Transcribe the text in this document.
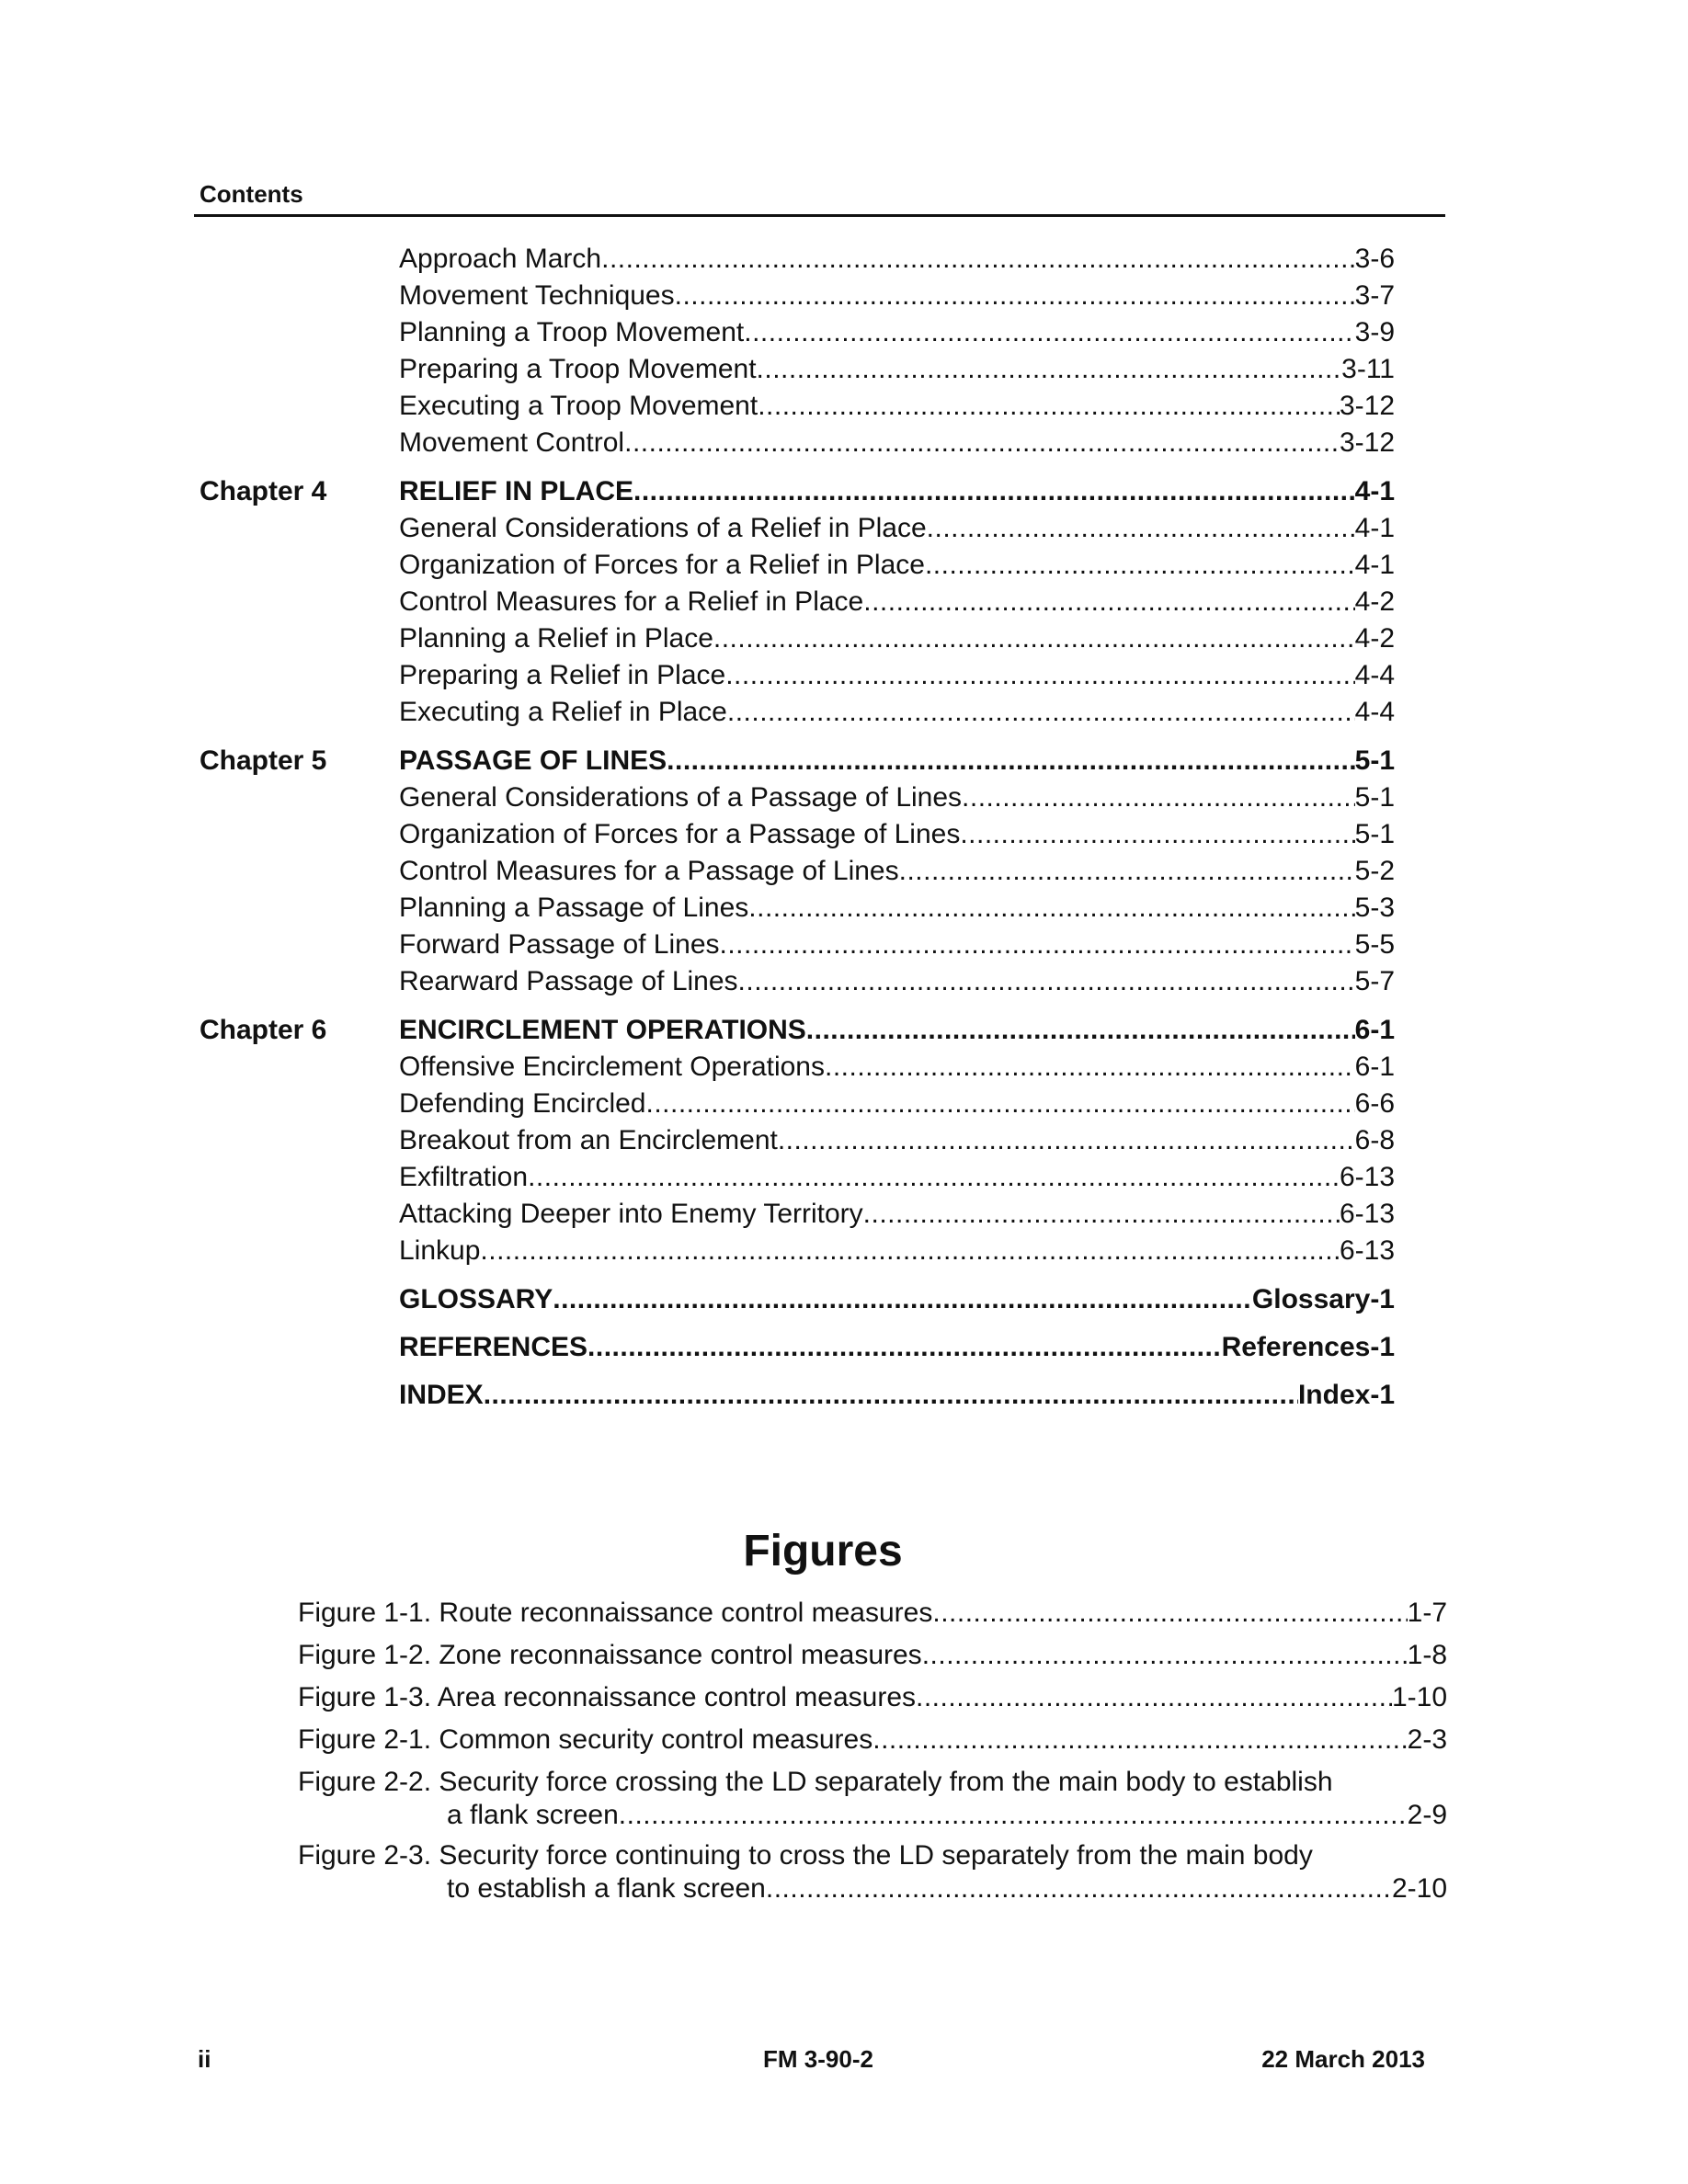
Contents
Approach March .....	3-6
Movement Techniques .....	3-7
Planning a Troop Movement .....	3-9
Preparing a Troop Movement .....	3-11
Executing a Troop Movement .....	3-12
Movement Control .....	3-12
Chapter 4	RELIEF IN PLACE .....	4-1
General Considerations of a Relief in Place .....	4-1
Organization of Forces for a Relief in Place .....	4-1
Control Measures for a Relief in Place .....	4-2
Planning a Relief in Place .....	4-2
Preparing a Relief in Place .....	4-4
Executing a Relief in Place .....	4-4
Chapter 5	PASSAGE OF LINES .....	5-1
General Considerations of a Passage of Lines .....	5-1
Organization of Forces for a Passage of Lines .....	5-1
Control Measures for a Passage of Lines .....	5-2
Planning a Passage of Lines .....	5-3
Forward Passage of Lines .....	5-5
Rearward Passage of Lines .....	5-7
Chapter 6	ENCIRCLEMENT OPERATIONS .....	6-1
Offensive Encirclement Operations .....	6-1
Defending Encircled .....	6-6
Breakout from an Encirclement .....	6-8
Exfiltration .....	6-13
Attacking Deeper into Enemy Territory .....	6-13
Linkup .....	6-13
GLOSSARY .....	Glossary-1
REFERENCES .....	References-1
INDEX .....	Index-1
Figures
Figure 1-1. Route reconnaissance control measures .....	1-7
Figure 1-2. Zone reconnaissance control measures .....	1-8
Figure 1-3. Area reconnaissance control measures .....	1-10
Figure 2-1. Common security control measures .....	2-3
Figure 2-2. Security force crossing the LD separately from the main body to establish
a flank screen .....	2-9
Figure 2-3. Security force continuing to cross the LD separately from the main body
to establish a flank screen .....	2-10
ii	FM 3-90-2	22 March 2013
